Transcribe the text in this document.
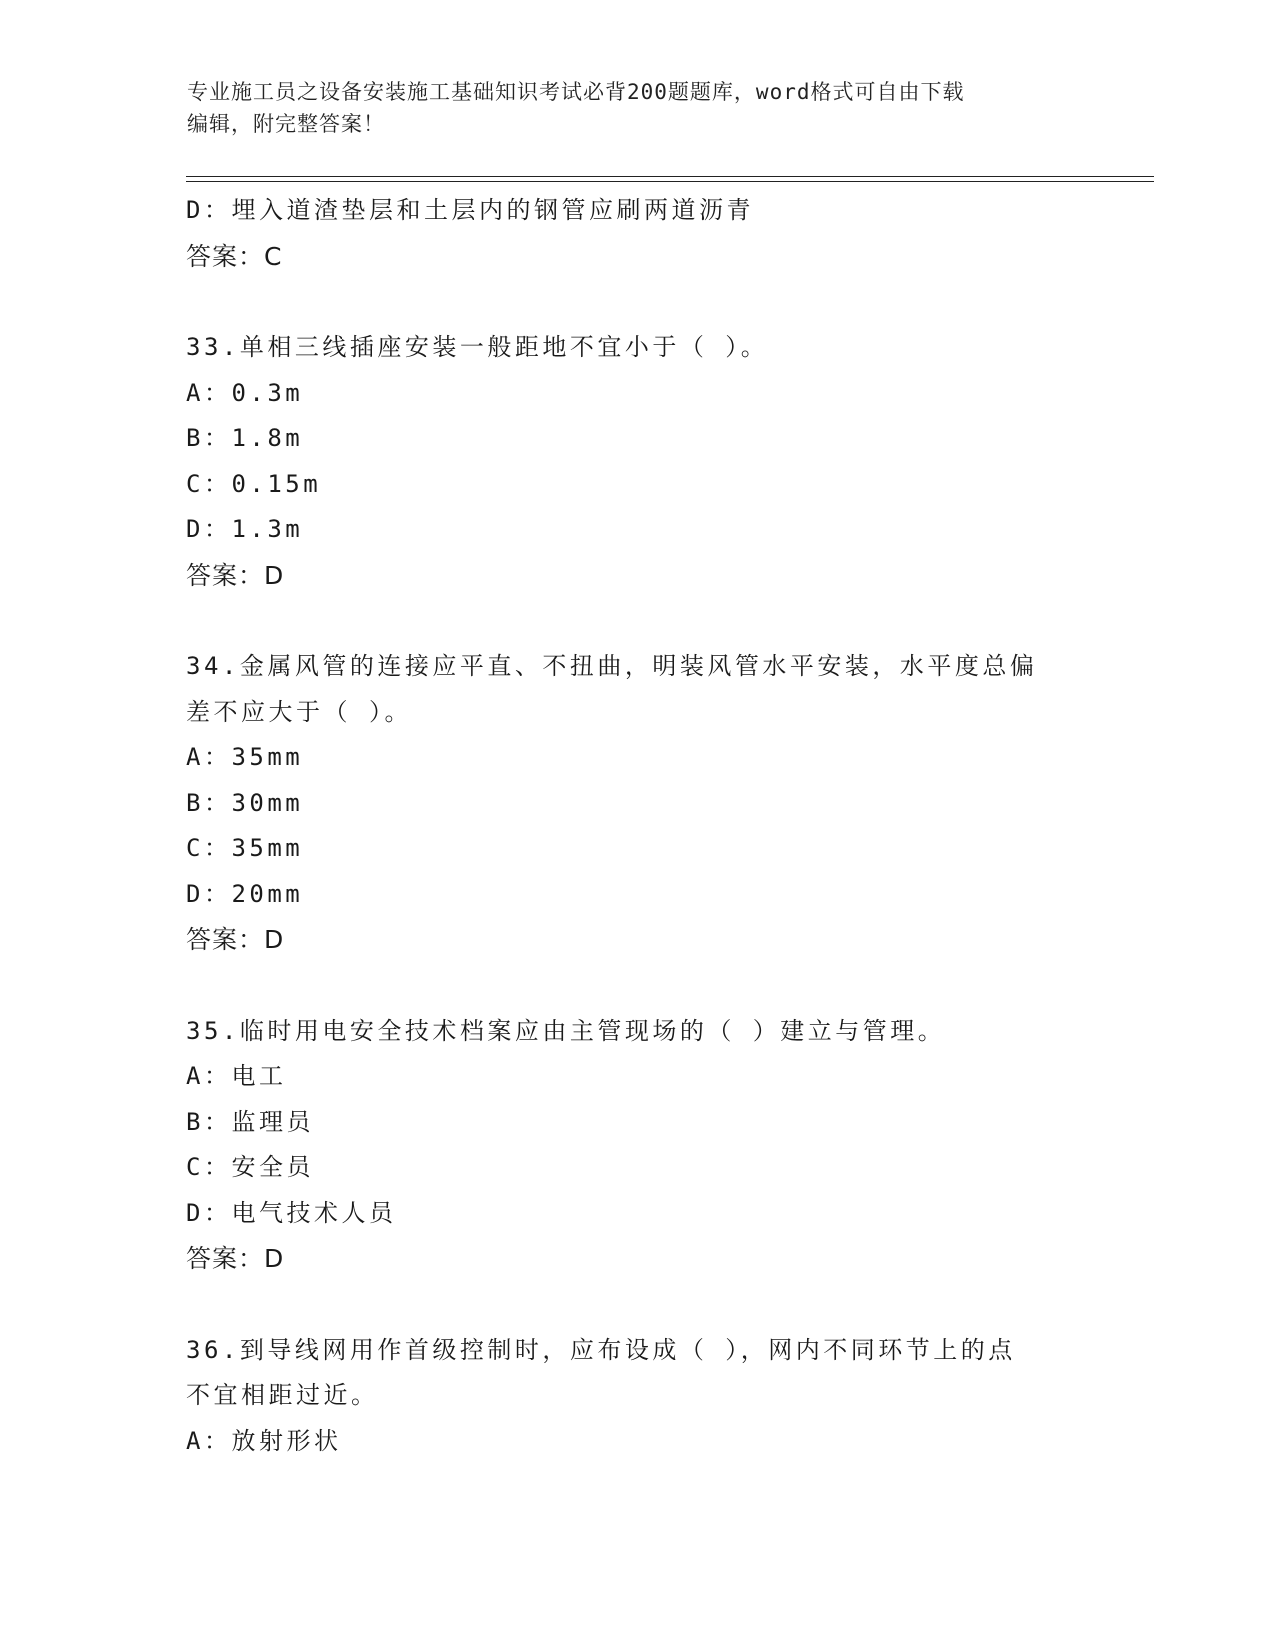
专业施工员之设备安装施工基础知识考试必背200题题库，word格式可自由下载
编辑，附完整答案！
D：埋入道渣垫层和土层内的钢管应刷两道沥青
答案：C
33.单相三线插座安装一般距地不宜小于（ ）。
A：0.3m
B：1.8m
C：0.15m
D：1.3m
答案：D
34.金属风管的连接应平直、不扭曲，明装风管水平安装，水平度总偏
差不应大于（ ）。
A：35mm
B：30mm
C：35mm
D：20mm
答案：D
35.临时用电安全技术档案应由主管现场的（ ）建立与管理。
A：电工
B：监理员
C：安全员
D：电气技术人员
答案：D
36.到导线网用作首级控制时，应布设成（ ），网内不同环节上的点
不宜相距过近。
A：放射形状
